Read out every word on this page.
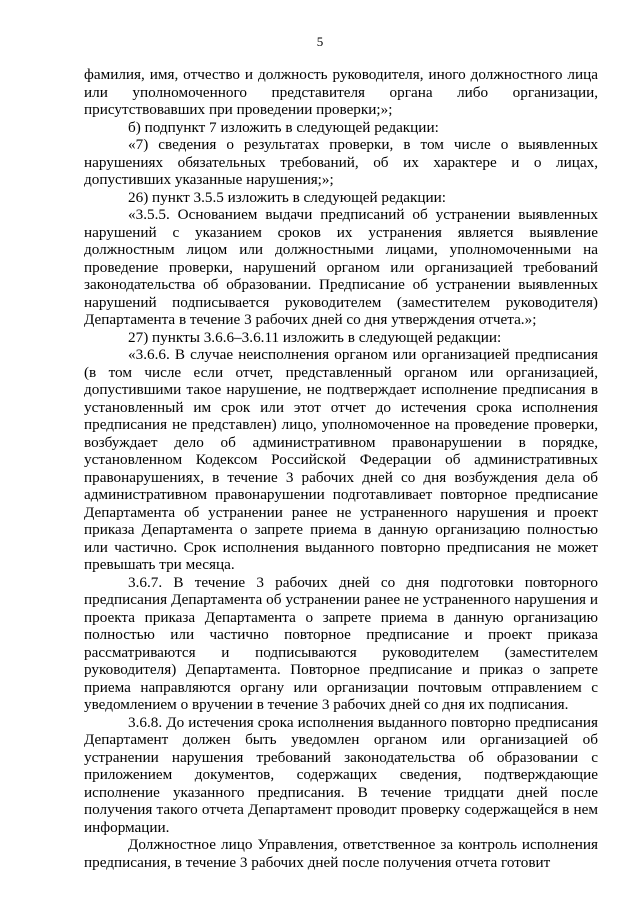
5

фамилия, имя, отчество и должность руководителя, иного должностного лица или уполномоченного представителя органа либо организации, присутствовавших при проведении проверки;»;

б) подпункт 7 изложить в следующей редакции:

«7) сведения о результатах проверки, в том числе о выявленных нарушениях обязательных требований, об их характере и о лицах, допустивших указанные нарушения;»;

26) пункт 3.5.5 изложить в следующей редакции:

«3.5.5. Основанием выдачи предписаний об устранении выявленных нарушений с указанием сроков их устранения является выявление должностным лицом или должностными лицами, уполномоченными на проведение проверки, нарушений органом или организацией требований законодательства об образовании. Предписание об устранении выявленных нарушений подписывается руководителем (заместителем руководителя) Департамента в течение 3 рабочих дней со дня утверждения отчета.»;

27) пункты 3.6.6–3.6.11 изложить в следующей редакции:

«3.6.6. В случае неисполнения органом или организацией предписания (в том числе если отчет, представленный органом или организацией, допустившими такое нарушение, не подтверждает исполнение предписания в установленный им срок или этот отчет до истечения срока исполнения предписания не представлен) лицо, уполномоченное на проведение проверки, возбуждает дело об административном правонарушении в порядке, установленном Кодексом Российской Федерации об административных правонарушениях, в течение 3 рабочих дней со дня возбуждения дела об административном правонарушении подготавливает повторное предписание Департамента об устранении ранее не устраненного нарушения и проект приказа Департамента о запрете приема в данную организацию полностью или частично. Срок исполнения выданного повторно предписания не может превышать три месяца.

3.6.7. В течение 3 рабочих дней со дня подготовки повторного предписания Департамента об устранении ранее не устраненного нарушения и проекта приказа Департамента о запрете приема в данную организацию полностью или частично повторное предписание и проект приказа рассматриваются и подписываются руководителем (заместителем руководителя) Департамента. Повторное предписание и приказ о запрете приема направляются органу или организации почтовым отправлением с уведомлением о вручении в течение 3 рабочих дней со дня их подписания.

3.6.8. До истечения срока исполнения выданного повторно предписания Департамент должен быть уведомлен органом или организацией об устранении нарушения требований законодательства об образовании с приложением документов, содержащих сведения, подтверждающие исполнение указанного предписания. В течение тридцати дней после получения такого отчета Департамент проводит проверку содержащейся в нем информации.

Должностное лицо Управления, ответственное за контроль исполнения предписания, в течение 3 рабочих дней после получения отчета готовит
